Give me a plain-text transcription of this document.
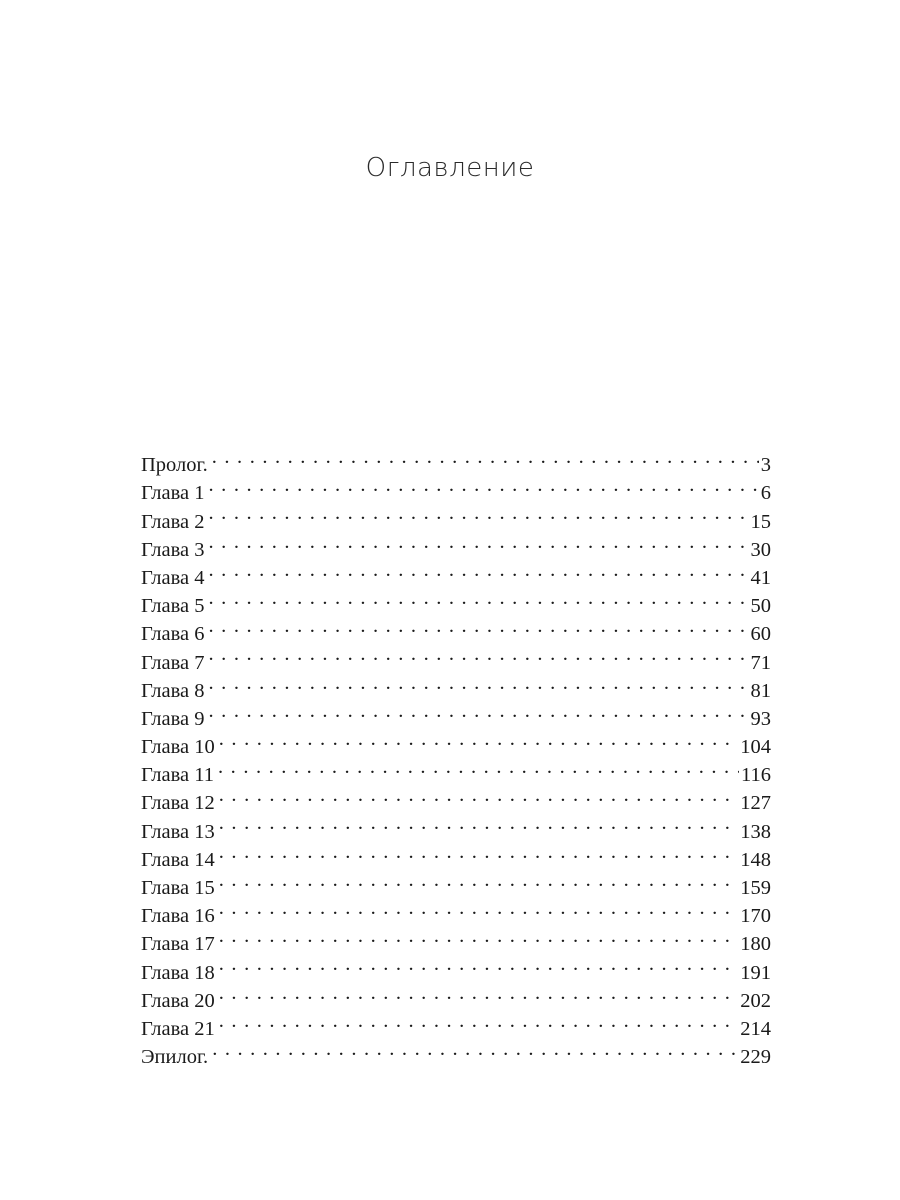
Оглавление
Пролог. . . .	3
Глава 1 . . .	6
Глава 2 . . .	15
Глава 3 . . .	30
Глава 4 . . .	41
Глава 5 . . .	50
Глава 6 . . .	60
Глава 7 . . .	71
Глава 8 . . .	81
Глава 9 . . .	93
Глава 10 . . .	104
Глава 11 . . .	116
Глава 12 . . .	127
Глава 13 . . .	138
Глава 14 . . .	148
Глава 15 . . .	159
Глава 16 . . .	170
Глава 17 . . .	180
Глава 18 . . .	191
Глава 20 . . .	202
Глава 21 . . .	214
Эпилог. . . .	229
